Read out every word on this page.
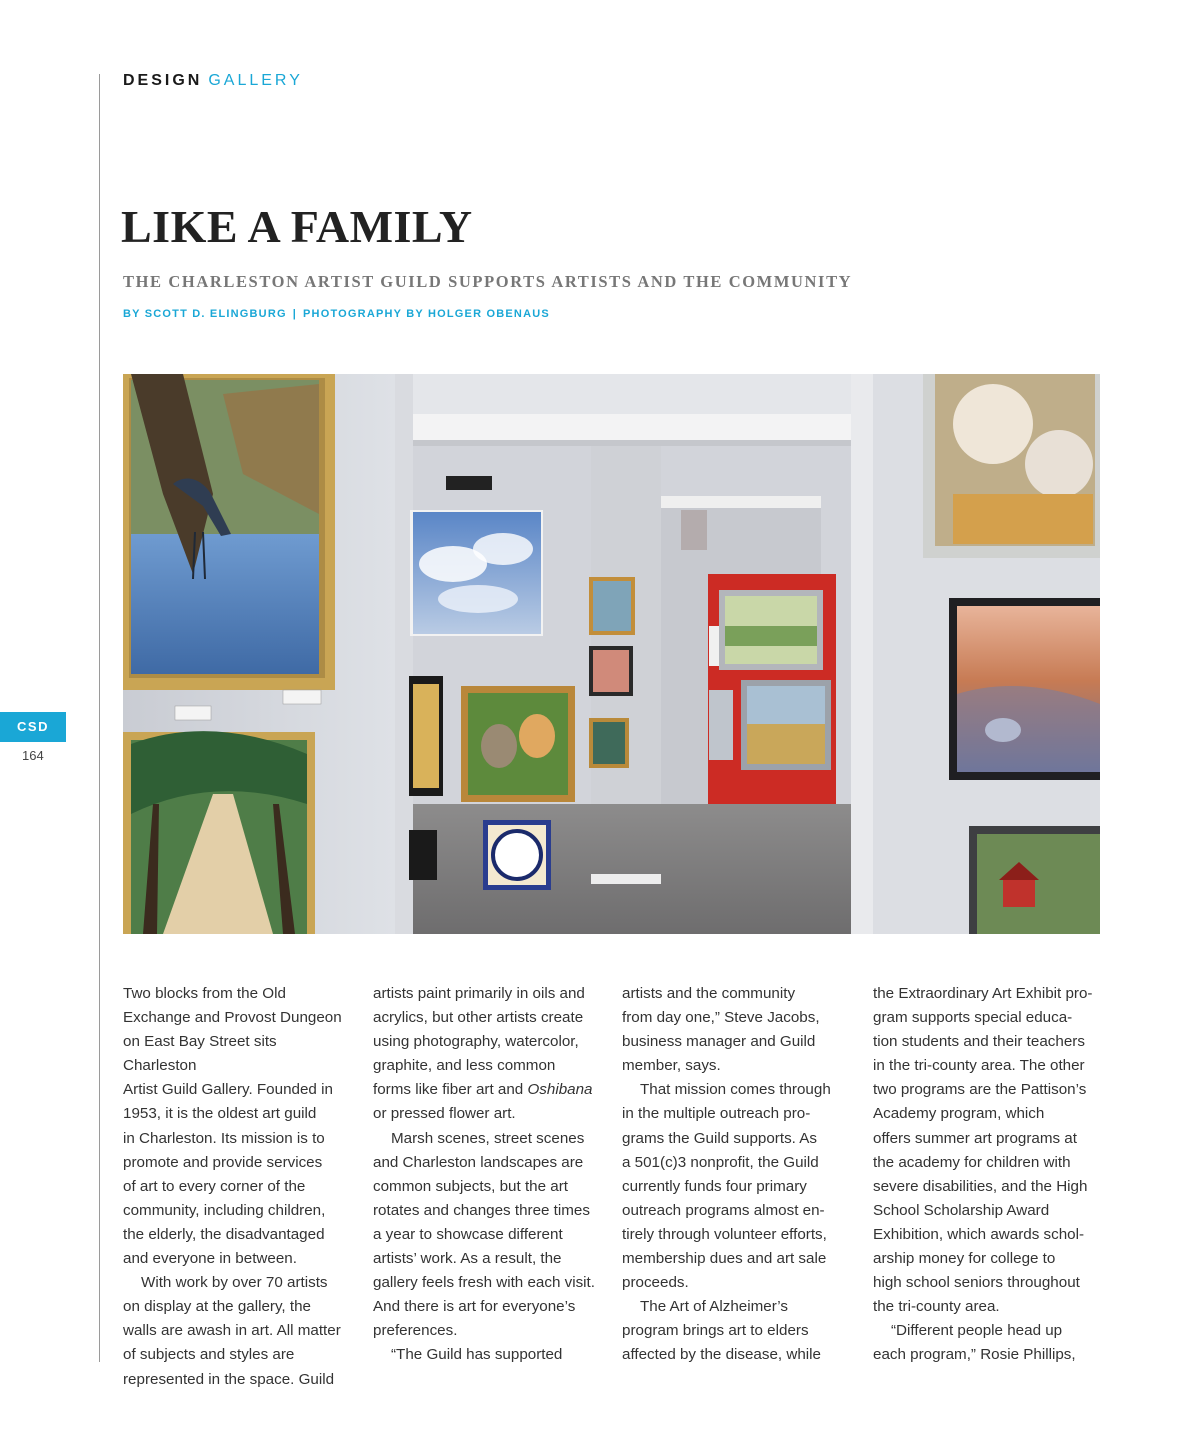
DESIGN GALLERY
LIKE A FAMILY
THE CHARLESTON ARTIST GUILD SUPPORTS ARTISTS AND THE COMMUNITY
BY SCOTT D. ELINGBURG | PHOTOGRAPHY BY HOLGER OBENAUS
CSD
164

Two blocks from the Old
Exchange and Provost Dungeon
on East Bay Street sits Charleston
Artist Guild Gallery. Founded in
1953, it is the oldest art guild
in Charleston. Its mission is to
promote and provide services
of art to every corner of the
community, including children,
the elderly, the disadvantaged
and everyone in between.

With work by over 70 artists
on display at the gallery, the
walls are awash in art. All matter
of subjects and styles are
represented in the space. Guild

artists paint primarily in oils and
acrylics, but other artists create
using photography, watercolor,
graphite, and less common
forms like fiber art and Oshibana
or pressed flower art.

Marsh scenes, street scenes
and Charleston landscapes are
common subjects, but the art
rotates and changes three times
a year to showcase different
artists’ work. As a result, the
gallery feels fresh with each visit.
And there is art for everyone’s
preferences.

“The Guild has supported

artists and the community
from day one,” Steve Jacobs,
business manager and Guild
member, says.

That mission comes through
in the multiple outreach pro-
grams the Guild supports. As
a 501(c)3 nonprofit, the Guild
currently funds four primary
outreach programs almost en-
tirely through volunteer efforts,
membership dues and art sale
proceeds.

The Art of Alzheimer’s
program brings art to elders
affected by the disease, while

the Extraordinary Art Exhibit pro-
gram supports special educa-
tion students and their teachers
in the tri-county area. The other
two programs are the Pattison’s
Academy program, which
offers summer art programs at
the academy for children with
severe disabilities, and the High
School Scholarship Award
Exhibition, which awards schol-
arship money for college to
high school seniors throughout
the tri-county area.

“Different people head up
each program,” Rosie Phillips,
